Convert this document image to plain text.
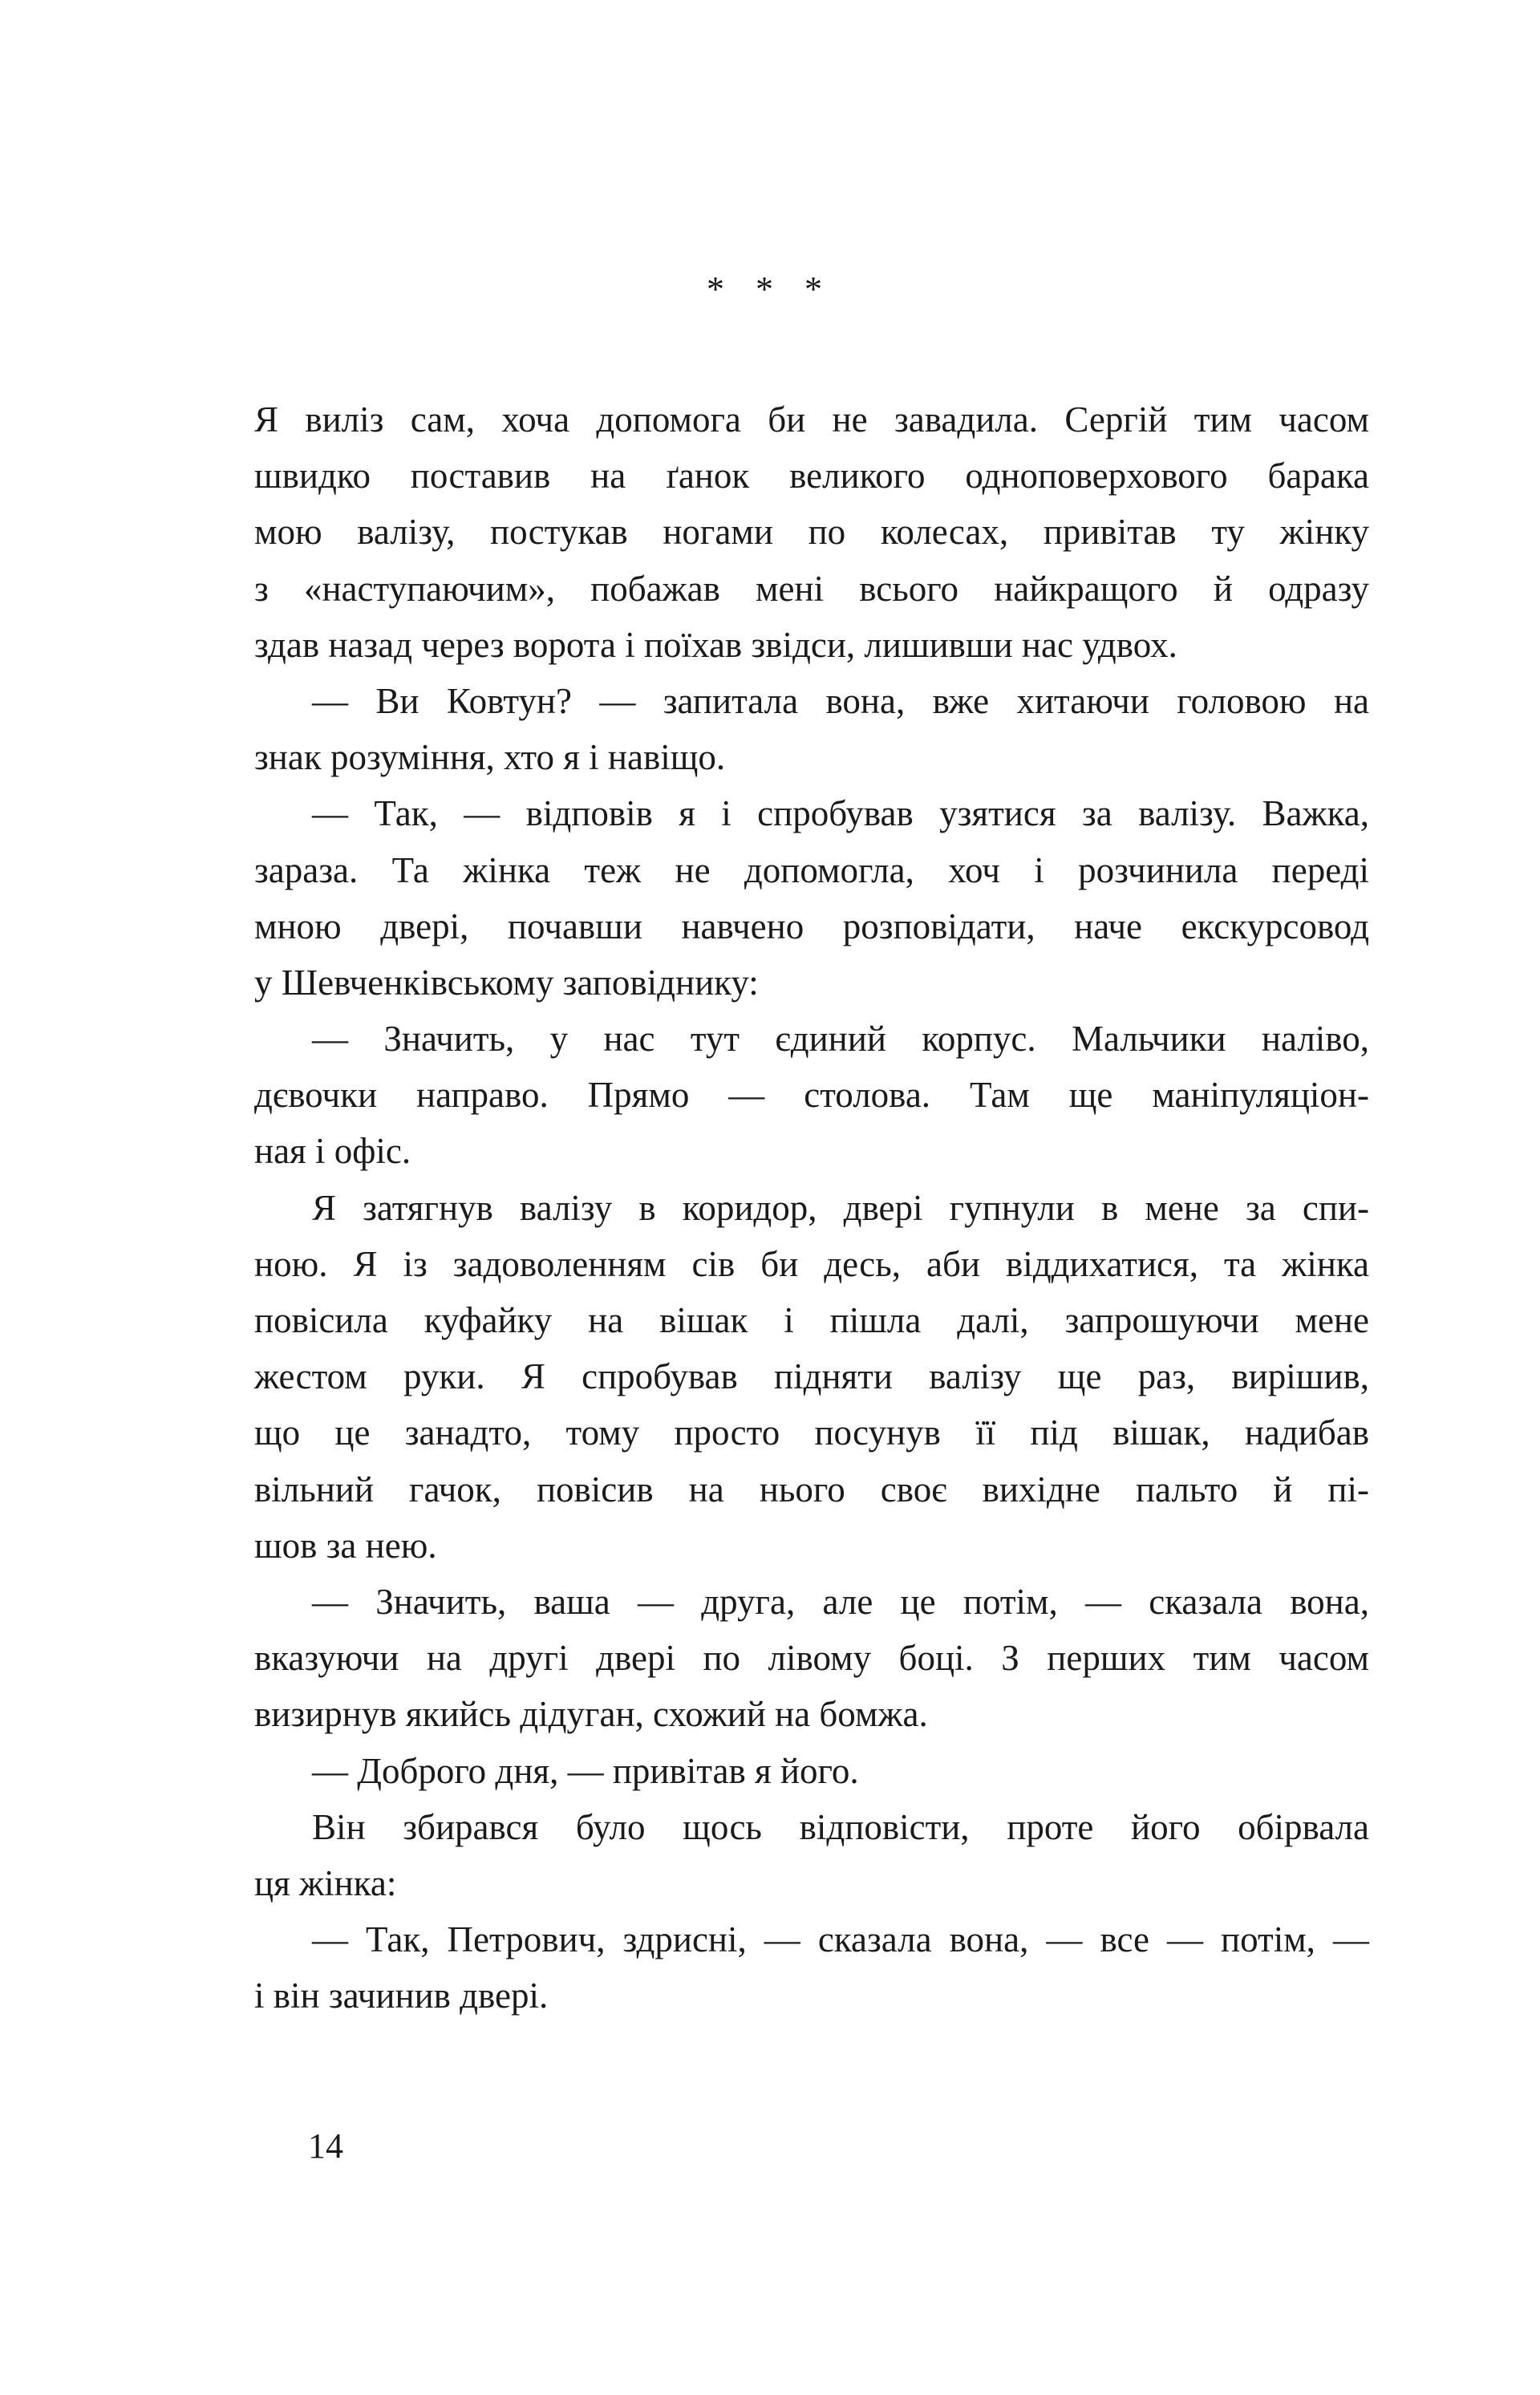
* * *
Я виліз сам, хоча допомога би не завадила. Сергій тим часом
швидко поставив на ґанок великого одноповерхового барака
мою валізу, постукав ногами по колесах, привітав ту жінку
з «наступаючим», побажав мені всього найкращого й одразу
здав назад через ворота і поїхав звідси, лишивши нас удвох.
— Ви Ковтун? — запитала вона, вже хитаючи головою на
знак розуміння, хто я і навіщо.
— Так, — відповів я і спробував узятися за валізу. Важка,
зараза. Та жінка теж не допомогла, хоч і розчинила переді
мною двері, почавши навчено розповідати, наче екскурсовод
у Шевченківському заповіднику:
— Значить, у нас тут єдиний корпус. Мальчики наліво,
дєвочки направо. Прямо — столова. Там ще маніпуляціон-
ная і офіс.
Я затягнув валізу в коридор, двері гупнули в мене за спи-
ною. Я із задоволенням сів би десь, аби віддихатися, та жінка
повісила куфайку на вішак і пішла далі, запрошуючи мене
жестом руки. Я спробував підняти валізу ще раз, вирішив,
що це занадто, тому просто посунув її під вішак, надибав
вільний гачок, повісив на нього своє вихідне пальто й пі-
шов за нею.
— Значить, ваша — друга, але це потім, — сказала вона,
вказуючи на другі двері по лівому боці. З перших тим часом
визирнув якийсь дідуган, схожий на бомжа.
— Доброго дня, — привітав я його.
Він збирався було щось відповісти, проте його обірвала
ця жінка:
— Так, Петрович, здрисні, — сказала вона, — все — потім, —
і він зачинив двері.
14
